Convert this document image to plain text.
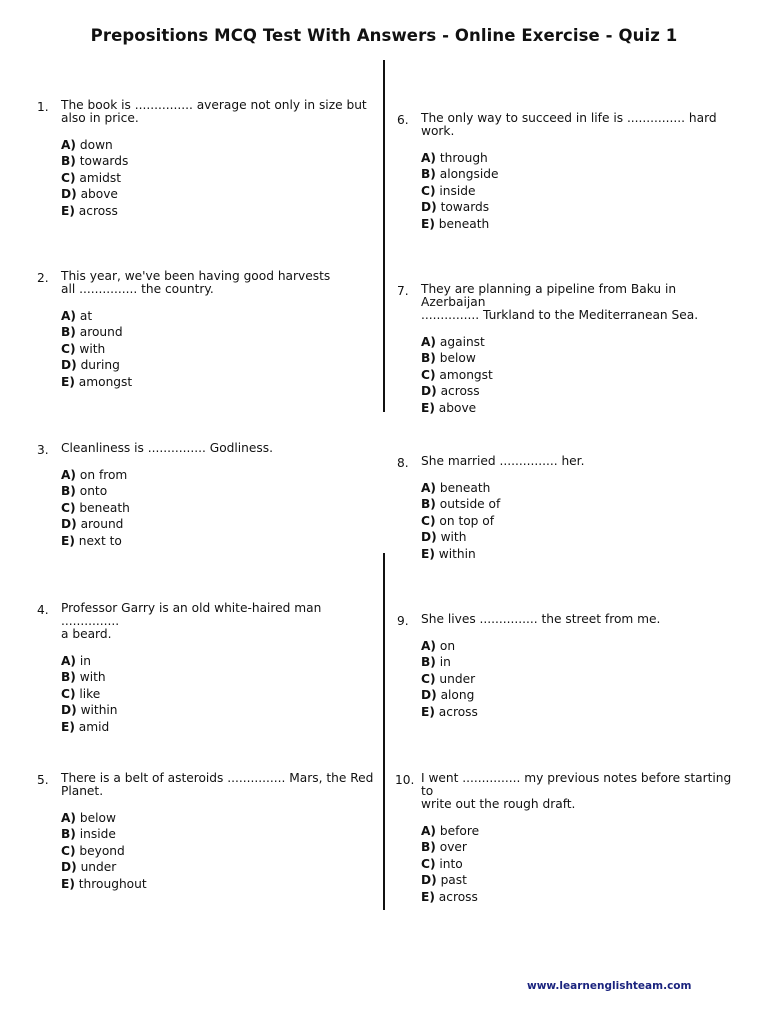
Prepositions MCQ Test With Answers - Online Exercise - Quiz 1
1. The book is ............... average not only in size but
also in price.

A) down
B) towards
C) amidst
D) above
E) across
2. This year, we've been having good harvests
all ............... the country.

A) at
B) around
C) with
D) during
E) amongst
3. Cleanliness is ............... Godliness.

A) on from
B) onto
C) beneath
D) around
E) next to
4. Professor Garry is an old white-haired man ...............
a beard.

A) in
B) with
C) like
D) within
E) amid
5. There is a belt of asteroids ............... Mars, the Red
Planet.

A) below
B) inside
C) beyond
D) under
E) throughout
6. The only way to succeed in life is ............... hard
work.

A) through
B) alongside
C) inside
D) towards
E) beneath
7. They are planning a pipeline from Baku in Azerbaijan
............... Turkland to the Mediterranean Sea.

A) against
B) below
C) amongst
D) across
E) above
8. She married ............... her.

A) beneath
B) outside of
C) on top of
D) with
E) within
9. She lives ............... the street from me.

A) on
B) in
C) under
D) along
E) across
10. I went ............... my previous notes before starting to
write out the rough draft.

A) before
B) over
C) into
D) past
E) across
www.learnenglishteam.com
